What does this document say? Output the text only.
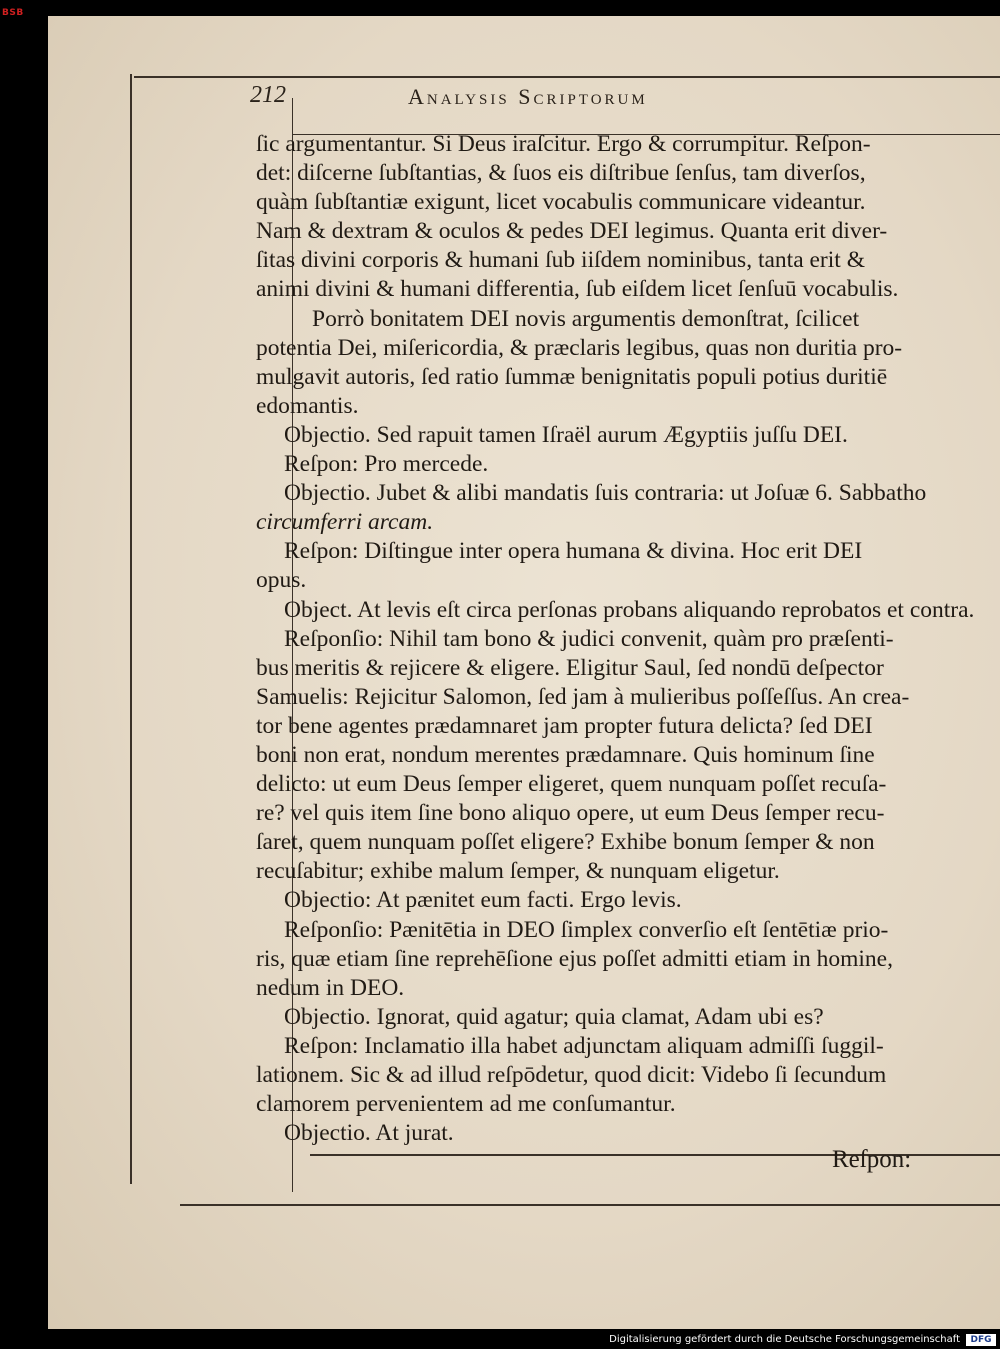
BSB
212	Analysis Scriptorum
ſic argumentantur. Si Deus iraſcitur. Ergo & corrumpitur. Reſpon-
det: diſcerne ſubſtantias, & ſuos eis diſtribue ſenſus, tam diverſos,
quàm ſubſtantiæ exigunt, licet vocabulis communicare videantur.
Nam & dextram & oculos & pedes DEI legimus. Quanta erit diver-
ſitas divini corporis & humani ſub iiſdem nominibus, tanta erit &
animi divini & humani differentia, ſub eiſdem licet ſenſuū vocabulis.
Porrò bonitatem DEI novis argumentis demonſtrat, ſcilicet
potentia Dei, miſericordia, & præclaris legibus, quas non duritia pro-
mulgavit autoris, ſed ratio ſummæ benignitatis populi potius duritiē
edomantis.
Objectio. Sed rapuit tamen Iſraël aurum Ægyptiis juſſu DEI.
Reſpon: Pro mercede.
Objectio. Jubet & alibi mandatis ſuis contraria: ut Joſuæ 6. Sabbatho
circumferri arcam.
Reſpon: Diſtingue inter opera humana & divina. Hoc erit DEI
opus.
Object. At levis eſt circa perſonas probans aliquando reprobatos et contra.
Reſponſio: Nihil tam bono & judici convenit, quàm pro præſenti-
bus meritis & rejicere & eligere. Eligitur Saul, ſed nondū deſpector
Samuelis: Rejicitur Salomon, ſed jam à mulieribus poſſeſſus. An crea-
tor bene agentes prædamnaret jam propter futura delicta? ſed DEI
boni non erat, nondum merentes prædamnare. Quis hominum ſine
delicto: ut eum Deus ſemper eligeret, quem nunquam poſſet recuſa-
re? vel quis item ſine bono aliquo opere, ut eum Deus ſemper recu-
ſaret, quem nunquam poſſet eligere? Exhibe bonum ſemper & non
recuſabitur; exhibe malum ſemper, & nunquam eligetur.
Objectio: At pænitet eum facti. Ergo levis.
Reſponſio: Pænitētia in DEO ſimplex converſio eſt ſentētiæ prio-
ris, quæ etiam ſine reprehēſione ejus poſſet admitti etiam in homine,
nedum in DEO.
Objectio. Ignorat, quid agatur; quia clamat, Adam ubi es?
Reſpon: Inclamatio illa habet adjunctam aliquam admiſſi ſuggil-
lationem. Sic & ad illud reſpōdetur, quod dicit: Videbo ſi ſecundum
clamorem pervenientem ad me conſumantur.
Objectio. At jurat.
Reſpon:
Digitalisierung gefördert durch die Deutsche Forschungsgemeinschaft	DFG
